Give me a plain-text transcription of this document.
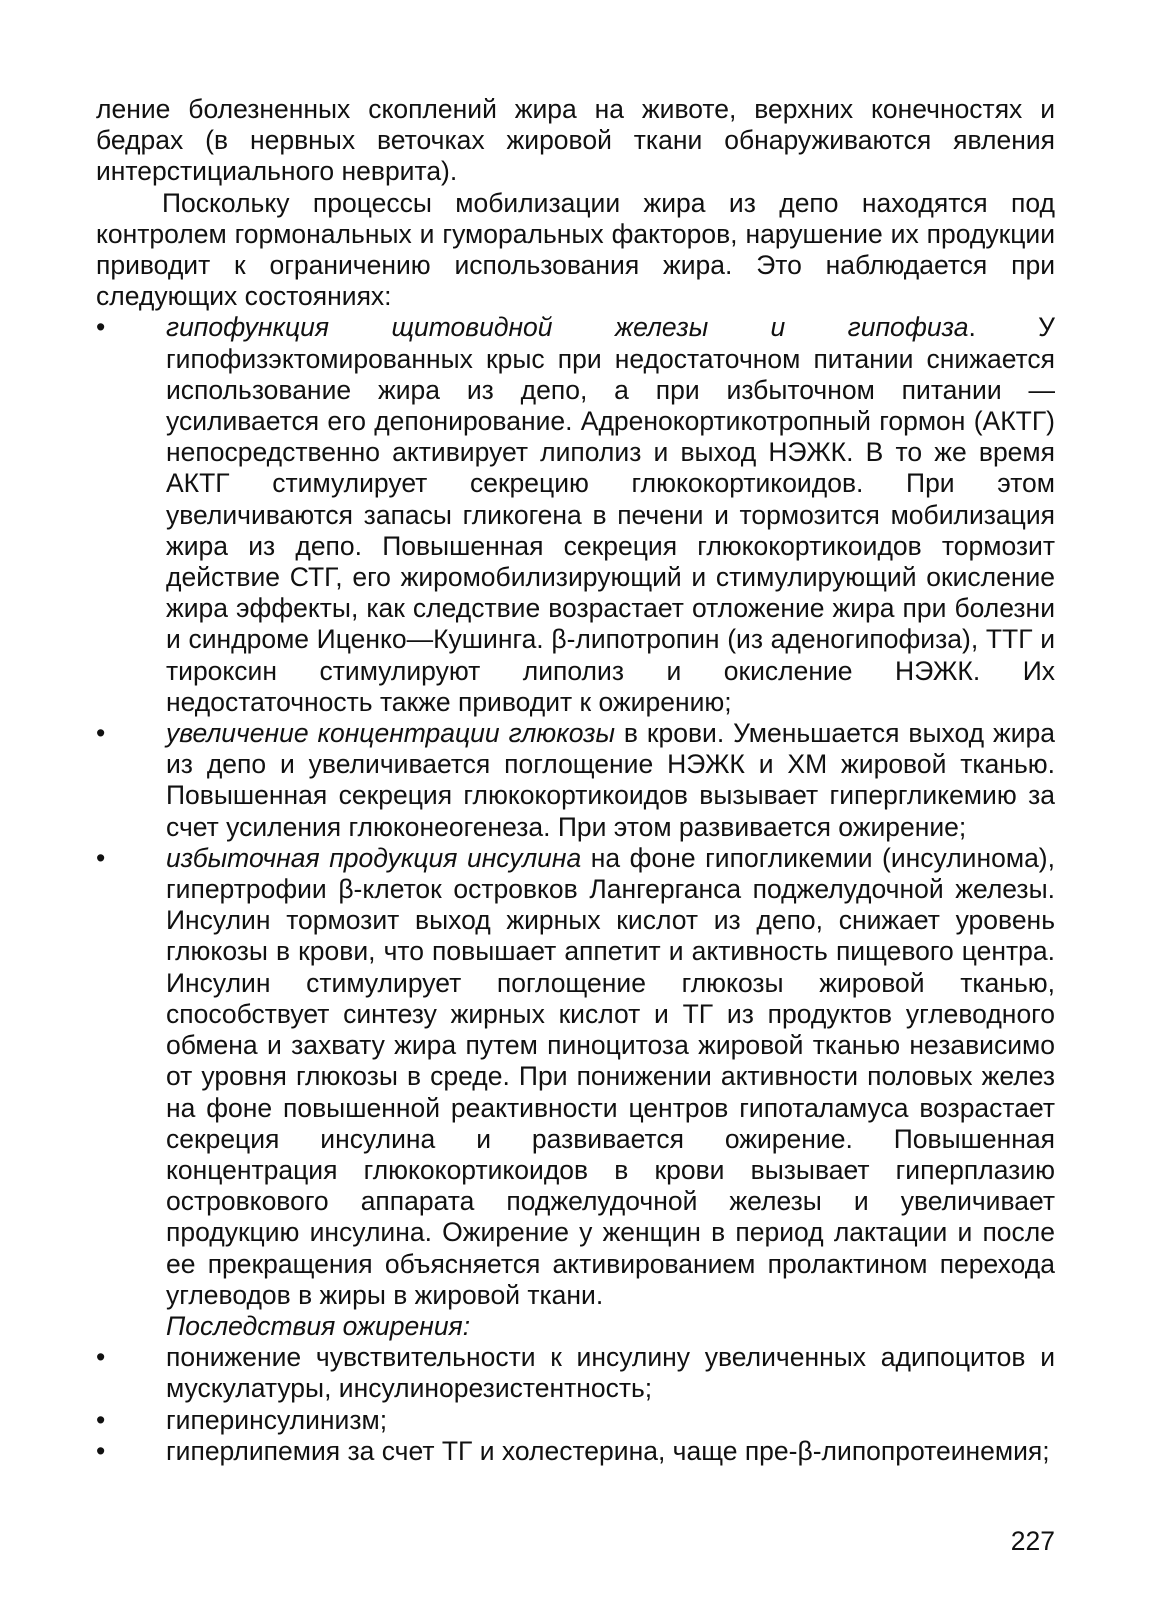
ление болезненных скоплений жира на животе, верхних конечностях и бедрах (в нервных веточках жировой ткани обнаруживаются явления интерстициального неврита).

Поскольку процессы мобилизации жира из депо находятся под контролем гормональных и гуморальных факторов, нарушение их продукции приводит к ограничению использования жира. Это наблюдается при следующих состояниях:

•	гипофункция щитовидной железы и гипофиза. У гипофизэктомированных крыс при недостаточном питании снижается использование жира из депо, а при избыточном питании — усиливается его депонирование. Адренокортикотропный гормон (АКТГ) непосредственно активирует липолиз и выход НЭЖК. В то же время АКТГ стимулирует секрецию глюкокортикоидов. При этом увеличиваются запасы гликогена в печени и тормозится мобилизация жира из депо. Повышенная секреция глюкокортикоидов тормозит действие СТГ, его жиромобилизирующий и стимулирующий окисление жира эффекты, как следствие возрастает отложение жира при болезни и синдроме Иценко—Кушинга. β-липотропин (из аденогипофиза), ТТГ и тироксин стимулируют липолиз и окисление НЭЖК. Их недостаточность также приводит к ожирению;
•	увеличение концентрации глюкозы в крови. Уменьшается выход жира из депо и увеличивается поглощение НЭЖК и ХМ жировой тканью. Повышенная секреция глюкокортикоидов вызывает гипергликемию за счет усиления глюконеогенеза. При этом развивается ожирение;
•	избыточная продукция инсулина на фоне гипогликемии (инсулинома), гипертрофии β-клеток островков Лангерганса поджелудочной железы. Инсулин тормозит выход жирных кислот из депо, снижает уровень глюкозы в крови, что повышает аппетит и активность пищевого центра. Инсулин стимулирует поглощение глюкозы жировой тканью, способствует синтезу жирных кислот и ТГ из продуктов углеводного обмена и захвату жира путем пиноцитоза жировой тканью независимо от уровня глюкозы в среде. При понижении активности половых желез на фоне повышенной реактивности центров гипоталамуса возрастает секреция инсулина и развивается ожирение. Повышенная концентрация глюкокортикоидов в крови вызывает гиперплазию островкового аппарата поджелудочной железы и увеличивает продукцию инсулина. Ожирение у женщин в период лактации и после ее прекращения объясняется активированием пролактином перехода углеводов в жиры в жировой ткани.
Последствия ожирения:
•	понижение чувствительности к инсулину увеличенных адипоцитов и мускулатуры, инсулинорезистентность;
•	гиперинсулинизм;
•	гиперлипемия за счет ТГ и холестерина, чаще пре-β-липопротеинемия;
227
